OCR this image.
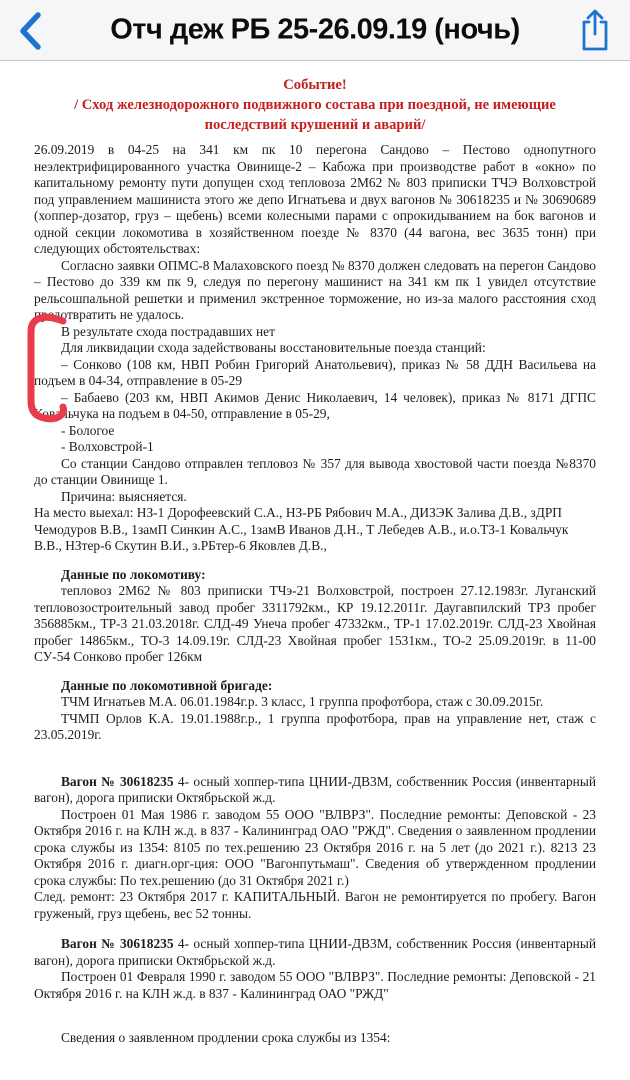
Отч деж РБ 25-26.09.19 (ночь)
Событие!
/ Сход железнодорожного подвижного состава при поездной, не имеющие
последствий крушений и аварий/
26.09.2019 в 04-25 на 341 км пк 10 перегона Сандово – Пестово однопутного неэлектрифицированного участка Овинище-2 – Кабожа при производстве работ в «окно» по капитальному ремонту пути допущен сход тепловоза 2М62 № 803 приписки ТЧЭ Волховстрой под управлением машиниста этого же депо Игнатьева и двух вагонов № 30618235 и № 30690689 (хоппер-дозатор, груз – щебень) всеми колесными парами с опрокидыванием на бок вагонов и одной секции локомотива в хозяйственном поезде № 8370 (44 вагона, вес 3635 тонн) при следующих обстоятельствах:
Согласно заявки ОПМС-8 Малаховского поезд № 8370 должен следовать на перегон Сандово – Пестово до 339 км пк 9, следуя по перегону машинист на 341 км пк 1 увидел отсутствие рельсошпальной решетки и применил экстренное торможение, но из-за малого расстояния сход предотвратить не удалось.
В результате схода пострадавших нет
Для ликвидации схода задействованы восстановительные поезда станций:
– Сонково (108 км, НВП Робин Григорий Анатольевич), приказ № 58 ДДН Васильева на подъем в 04-34, отправление в 05-29
– Бабаево (203 км, НВП Акимов Денис Николаевич, 14 человек), приказ № 8171 ДГПС Ковальчука на подъем в 04-50, отправление в 05-29,
- Бологое
- Волховстрой-1
Со станции Сандово отправлен тепловоз № 357 для вывода хвостовой части поезда №8370 до станции Овинище 1.
Причина: выясняется.
На место выехал: НЗ-1 Дорофеевский С.А., НЗ-РБ Рябович М.А., ДИЗЭК Залива Д.В., зДРП Чемодуров В.В., 1замП Синкин А.С., 1замВ Иванов Д.Н., Т Лебедев А.В., и.о.ТЗ-1 Ковальчук В.В., НЗтер-6 Скутин В.И., з.РБтер-6 Яковлев Д.В.,
Данные по локомотиву:
тепловоз 2М62 № 803 приписки ТЧэ-21 Волховстрой, построен 27.12.1983г. Луганский тепловозостроительный завод пробег 3311792км., КР 19.12.2011г. Даугавпилский ТРЗ пробег 356885км., ТР-3 21.03.2018г. СЛД-49 Унеча пробег 47332км., ТР-1 17.02.2019г. СЛД-23 Хвойная пробег 14865км., ТО-3 14.09.19г. СЛД-23 Хвойная пробег 1531км., ТО-2 25.09.2019г. в 11-00 СУ-54 Сонково пробег 126км
Данные по локомотивной бригаде:
ТЧМ Игнатьев М.А. 06.01.1984г.р. 3 класс, 1 группа профотбора, стаж с 30.09.2015г.
ТЧМП Орлов К.А. 19.01.1988г.р., 1 группа профотбора, прав на управление нет, стаж с 23.05.2019г.
Вагон № 30618235 4- осный хоппер-типа ЦНИИ-ДВ3М, собственник Россия (инвентарный вагон), дорога приписки Октябрьской ж.д.
Построен 01 Мая 1986 г. заводом 55 ООО "ВЛВРЗ". Последние ремонты: Деповской - 23 Октября 2016 г. на КЛН ж.д. в 837 - Калининград ОАО "РЖД". Сведения о заявленном продлении срока службы из 1354: 8105 по тех.решению 23 Октября 2016 г. на 5 лет (до 2021 г.). 8213 23 Октября 2016 г. диагн.орг-ция: ООО "Вагонпутьмаш". Сведения об утвержденном продлении срока службы: По тех.решению (до 31 Октября 2021 г.)
След. ремонт: 23 Октября 2017 г. КАПИТАЛЬНЫЙ. Вагон не ремонтируется по пробегу. Вагон груженый, груз щебень, вес 52 тонны.
Вагон № 30618235 4- осный хоппер-типа ЦНИИ-ДВ3М, собственник Россия (инвентарный вагон), дорога приписки Октябрьской ж.д.
Построен 01 Февраля 1990 г. заводом 55 ООО "ВЛВРЗ". Последние ремонты: Деповской - 21 Октября 2016 г. на КЛН ж.д. в 837 - Калининград ОАО "РЖД"
Сведения о заявленном продлении срока службы из 1354:
